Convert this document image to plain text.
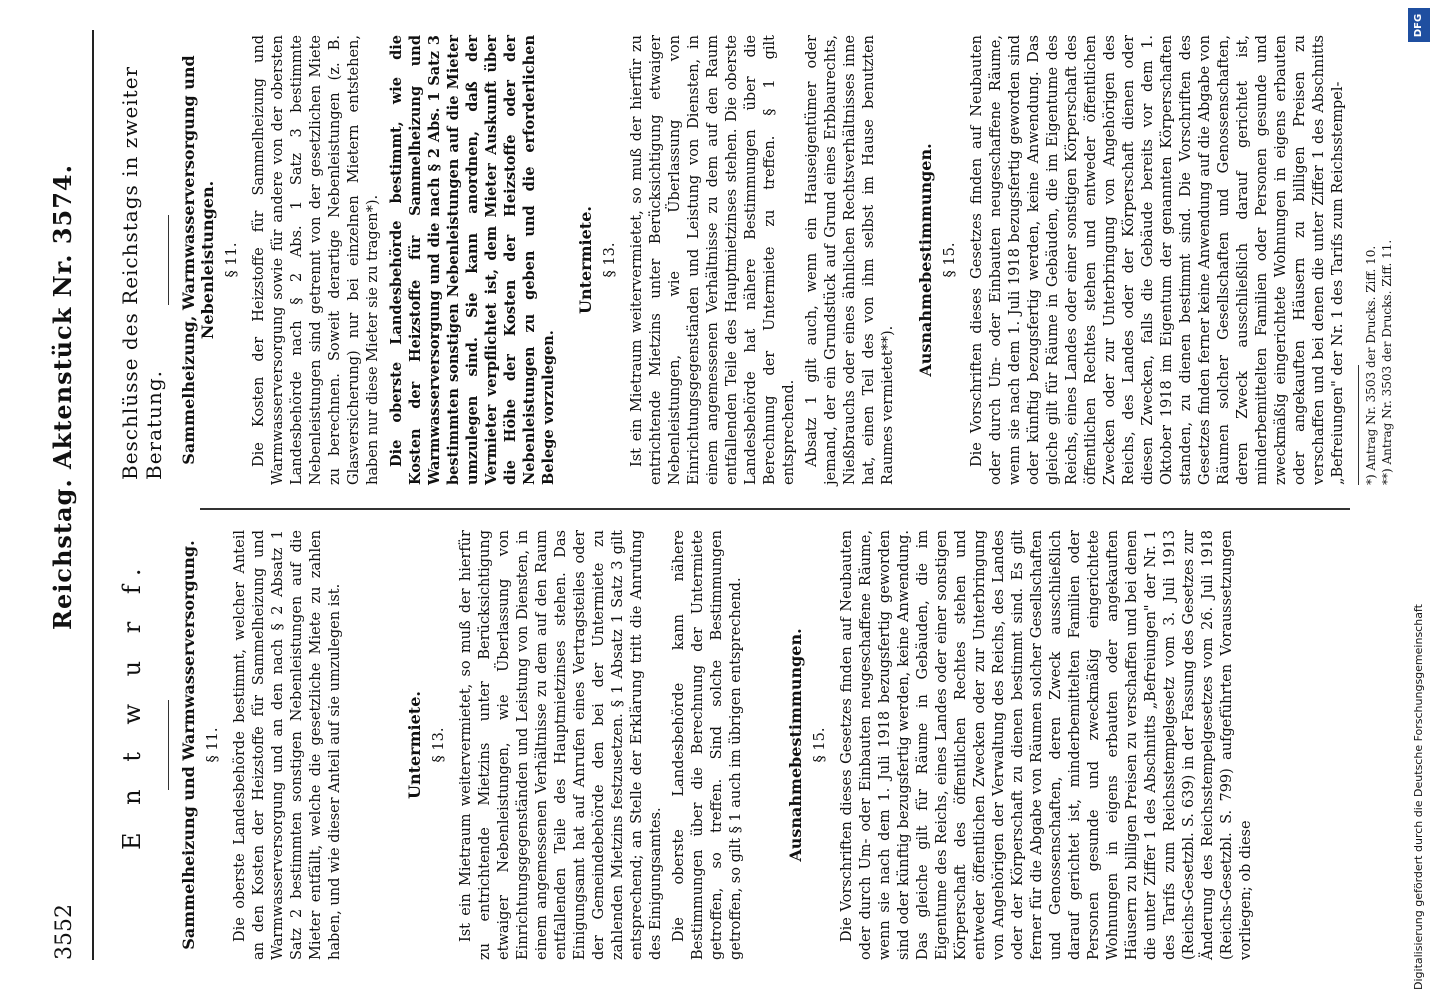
3552
Reichstag. Aktenstück Nr. 3574.
E n t w u r f. Sammelheizung und Warmwasserversorgung. § 11. Die oberste Landesbehörde bestimmt, welcher Anteil an den Kosten der Heizstoffe für Sammelheizung und Warmwasserversorgung und an den nach § 2 Absatz 1 Satz 2 bestimmten sonstigen Nebenleistungen auf die Mieter entfällt, welche die gesetzliche Miete zu zahlen haben, und wie dieser Anteil auf sie umzulegen ist.	Untermiete. § 13. Ist ein Mietraum weitervermietet, so muß der hierfür zu entrichtende Mietzins unter Berücksichtigung etwaiger Nebenleistungen, wie Überlassung von Einrichtungsgegenständen und Leistung von Diensten, in einem angemessenen Verhältnisse zu dem auf den Raum entfallenden Teile des Hauptmietzinses stehen. Das Einigungsamt hat auf Anrufen eines Vertragsteiles oder der Gemeindebehörde den bei der Untermiete zu zahlenden Mietzins festzusetzen. § 1 Absatz 1 Satz 3 gilt entsprechend; an Stelle der Erklärung tritt die Anrufung des Einigungsamtes. Die oberste Landesbehörde kann nähere Bestimmungen über die Berechnung der Untermiete getroffen, so treffen. Sind solche Bestimmungen getroffen, so gilt § 1 auch im übrigen entsprechend.	Ausnahmebestimmungen. § 15. Die Vorschriften dieses Gesetzes finden auf Neubauten oder durch Um- oder Einbauten neugeschaffene Räume, wenn sie nach dem 1. Juli 1918 bezugsfertig geworden sind oder künftig bezugsfertig werden, keine Anwendung. Das gleiche gilt für Räume in Gebäuden, die im Eigentume des Reichs, eines Landes oder einer sonstigen Körperschaft des öffentlichen Rechtes stehen und entweder öffentlichen Zwecken oder zur Unterbringung von Angehörigen der Verwaltung des Reichs, des Landes oder der Körperschaft zu dienen bestimmt sind. Es gilt ferner für die Abgabe von Räumen solcher Gesellschaften und Genossenschaften, deren Zweck ausschließlich darauf gerichtet ist, minderbemittelten Familien oder Personen gesunde und zweckmäßig eingerichtete Wohnungen in eigens erbauten oder angekauften Häusern zu billigen Preisen zu verschaffen und bei denen die unter Ziffer 1 des Abschnitts „Befreiungen" der Nr. 1 des Tarifs zum Reichsstempelgesetz vom 3. Juli 1913 (Reichs-Gesetzbl. S. 639) in der Fassung des Gesetzes zur Änderung des Reichsstempelgesetzes vom 26. Juli 1918 (Reichs-Gesetzbl. S. 799) aufgeführten Voraussetzungen vorliegen; ob diese

Beschlüsse des Reichstags in zweiter Beratung. Sammelheizung, Warmwasserversorgung und Nebenleistungen. § 11. Die Kosten der Heizstoffe für Sammelheizung und Warmwasserversorgung sowie für andere von der obersten Landesbehörde nach § 2 Abs. 1 Satz 3 bestimmte Nebenleistungen sind getrennt von der gesetzlichen Miete zu berechnen. Soweit derartige Nebenleistungen (z. B. Glasversicherung) nur bei einzelnen Mietern entstehen, haben nur diese Mieter sie zu tragen*). Die oberste Landesbehörde bestimmt, wie die Kosten der Heizstoffe für Sammelheizung und Warmwasserversorgung und die nach § 2 Abs. 1 Satz 3 bestimmten sonstigen Nebenleistungen auf die Mieter umzulegen sind. Sie kann anordnen, daß der Vermieter verpflichtet ist, dem Mieter Auskunft über die Höhe der Kosten der Heizstoffe oder der Nebenleistungen zu geben und die erforderlichen Belege vorzulegen.

Untermiete. § 13. Ist ein Mietraum weitervermietet, so muß der hierfür zu entrichtende Mietzins unter Berücksichtigung etwaiger Nebenleistungen, wie Überlassung von Einrichtungsgegenständen und Leistung von Diensten, in einem angemessenen Verhältnisse zu dem auf den Raum entfallenden Teile des Hauptmietzinses stehen. Die oberste Landesbehörde hat nähere Bestimmungen über die Berechnung der Untermiete zu treffen. § 1 gilt entsprechend. Absatz 1 gilt auch, wenn ein Hauseigentümer oder jemand, der ein Grundstück auf Grund eines Erbbaurechts, Nießbrauchs oder eines ähnlichen Rechtsverhältnisses inne hat, einen Teil des von ihm selbst im Hause benutzten Raumes vermietet**).

Ausnahmebestimmungen. § 15. Die Vorschriften dieses Gesetzes finden auf Neubauten oder durch Um- oder Einbauten neugeschaffene Räume, wenn sie nach dem 1. Juli 1918 bezugsfertig geworden sind oder künftig bezugsfertig werden, keine Anwendung. Das gleiche gilt für Räume in Gebäuden, die im Eigentume des Reichs, eines Landes oder einer sonstigen Körperschaft des öffentlichen Rechtes stehen und entweder öffentlichen Zwecken oder zur Unterbringung von Angehörigen des Reichs, des Landes oder der Körperschaft dienen oder diesen Zwecken, falls die Gebäude bereits vor dem 1. Oktober 1918 im Eigentum der genannten Körperschaften standen, zu dienen bestimmt sind. Die Vorschriften des Gesetzes finden ferner keine Anwendung auf die Abgabe von Räumen solcher Gesellschaften und Genossenschaften, deren Zweck ausschließlich darauf gerichtet ist, minderbemittelten Familien oder Personen gesunde und zweckmäßig eingerichtete Wohnungen in eigens erbauten oder angekauften Häusern zu billigen Preisen zu verschaffen und bei denen die unter Ziffer 1 des Abschnitts „Befreiungen" der Nr. 1 des Tarifs zum Reichsstempel- *) Antrag Nr. 3503 der Drucks. Ziff. 10. **) Antrag Nr. 3503 der Drucks. Ziff. 11.
DFG
Digitalisierung gefördert durch die Deutsche Forschungsgemeinschaft
